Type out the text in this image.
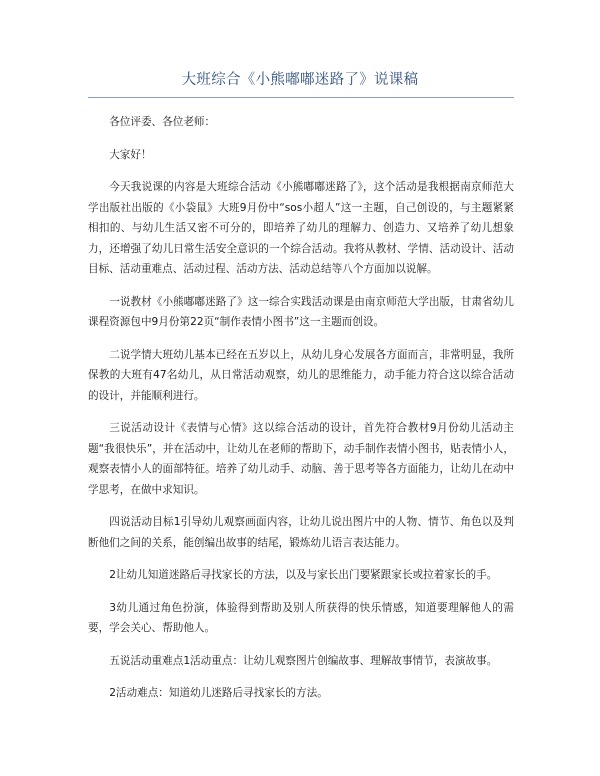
大班综合《小熊嘟嘟迷路了》说课稿

各位评委、各位老师：

大家好！

今天我说课的内容是大班综合活动《小熊嘟嘟迷路了》，这个活动是我根据南京师范大学出版社出版的《小袋鼠》大班9月份中“sos小超人”这一主题，自己创设的，与主题紧紧相扣的、与幼儿生活又密不可分的，即培养了幼儿的理解力、创造力、又培养了幼儿想象力，还增强了幼儿日常生活安全意识的一个综合活动。我将从教材、学情、活动设计、活动目标、活动重难点、活动过程、活动方法、活动总结等八个方面加以说解。

一说教材《小熊嘟嘟迷路了》这一综合实践活动课是由南京师范大学出版，甘肃省幼儿课程资源包中9月份第22页“制作表情小图书”这一主题而创设。

二说学情大班幼儿基本已经在五岁以上，从幼儿身心发展各方面而言，非常明显，我所保教的大班有47名幼儿，从日常活动观察，幼儿的思维能力，动手能力符合这以综合活动的设计，并能顺利进行。

三说活动设计《表情与心情》这以综合活动的设计，首先符合教材9月份幼儿活动主题“我很快乐”，并在活动中，让幼儿在老师的帮助下，动手制作表情小图书，贴表情小人，观察表情小人的面部特征。培养了幼儿动手、动脑、善于思考等各方面能力，让幼儿在动中学思考，在做中求知识。

四说活动目标1引导幼儿观察画面内容，让幼儿说出图片中的人物、情节、角色以及判断他们之间的关系，能创编出故事的结尾，锻炼幼儿语言表达能力。

2让幼儿知道迷路后寻找家长的方法，以及与家长出门要紧跟家长或拉着家长的手。

3幼儿通过角色扮演，体验得到帮助及别人所获得的快乐情感，知道要理解他人的需要，学会关心、帮助他人。

五说活动重难点1活动重点：让幼儿观察图片创编故事、理解故事情节，表演故事。

2活动难点：知道幼儿迷路后寻找家长的方法。
